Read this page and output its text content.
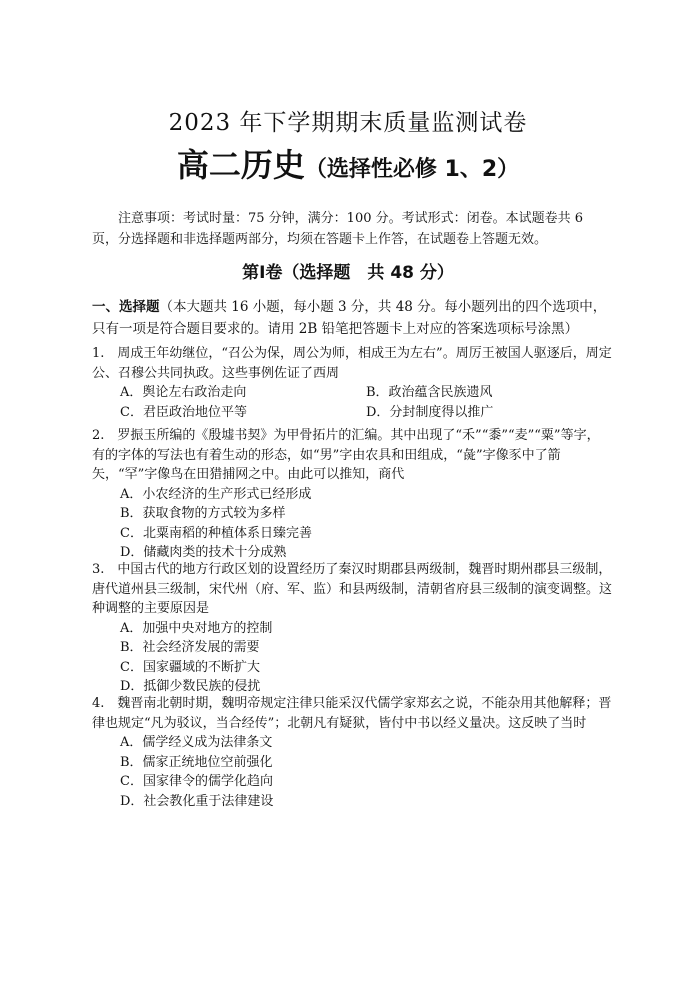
2023 年下学期期末质量监测试卷
高二历史（选择性必修 1、2）
注意事项：考试时量：75 分钟，满分：100 分。考试形式：闭卷。本试题卷共 6 页，分选择题和非选择题两部分，均须在答题卡上作答，在试题卷上答题无效。
第Ⅰ卷（选择题　共 48 分）
一、选择题（本大题共 16 小题，每小题 3 分，共 48 分。每小题列出的四个选项中，只有一项是符合题目要求的。请用 2B 铅笔把答题卡上对应的答案选项标号涂黑）
1.　周成王年幼继位，“召公为保，周公为师，相成王为左右”。周厉王被国人驱逐后，周定公、召穆公共同执政。这些事例佐证了西周
A．舆论左右政治走向	B．政治蕴含民族遗风
C．君臣政治地位平等	D．分封制度得以推广
2.　罗振玉所编的《殷墟书契》为甲骨拓片的汇编。其中出现了“禾”“黍”“麦”“粟”等字，有的字体的写法也有着生动的形态，如“男”字由农具和田组成，“彘”字像豕中了箭矢，“罕”字像鸟在田猎捕网之中。由此可以推知，商代
A．小农经济的生产形式已经形成
B．获取食物的方式较为多样
C．北粟南稻的种植体系日臻完善
D．储藏肉类的技术十分成熟
3.　中国古代的地方行政区划的设置经历了秦汉时期郡县两级制，魏晋时期州郡县三级制，唐代道州县三级制，宋代州（府、军、监）和县两级制，清朝省府县三级制的演变调整。这种调整的主要原因是
A．加强中央对地方的控制
B．社会经济发展的需要
C．国家疆域的不断扩大
D．抵御少数民族的侵扰
4.　魏晋南北朝时期，魏明帝规定注律只能采汉代儒学家郑玄之说，不能杂用其他解释；晋律也规定“凡为驳议，当合经传”；北朝凡有疑狱，皆付中书以经义量决。这反映了当时
A．儒学经义成为法律条文
B．儒家正统地位空前强化
C．国家律令的儒学化趋向
D．社会教化重于法律建设
